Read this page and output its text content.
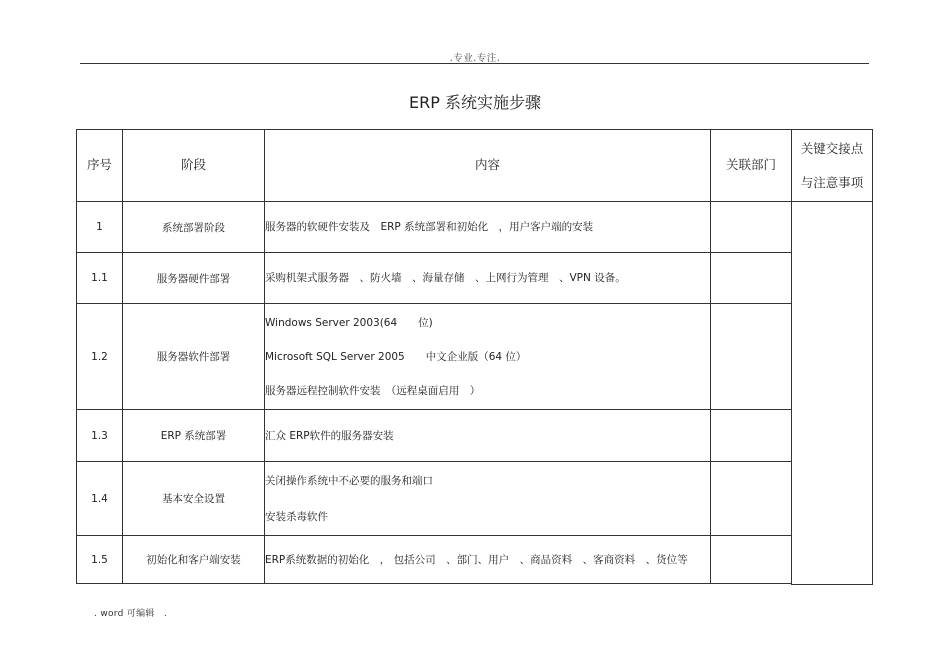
.专业.专注.
ERP 系统实施步骤
序号	阶段	内容	关联部门	关键交接点
与注意事项

1	系统部署阶段	服务器的软硬件安装及　ERP 系统部署和初始化　，用户客户端的安装		

1.1	服务器硬件部署	采购机架式服务器　、防火墙　、海量存储　、上网行为管理　、VPN 设备。		

1.2	服务器软件部署	Windows Server 2003(64　　位)
Microsoft SQL Server 2005　　中文企业版（64 位）
服务器远程控制软件安装　（远程桌面启用　）		

1.3	ERP 系统部署	汇众 ERP软件的服务器安装		

1.4	基本安全设置	关闭操作系统中不必要的服务和端口
安装杀毒软件		

1.5	初始化和客户端安装	ERP系统数据的初始化　， 包括公司　、部门、用户　、商品资料　、客商资料　、货位等		

. word 可编辑　.
